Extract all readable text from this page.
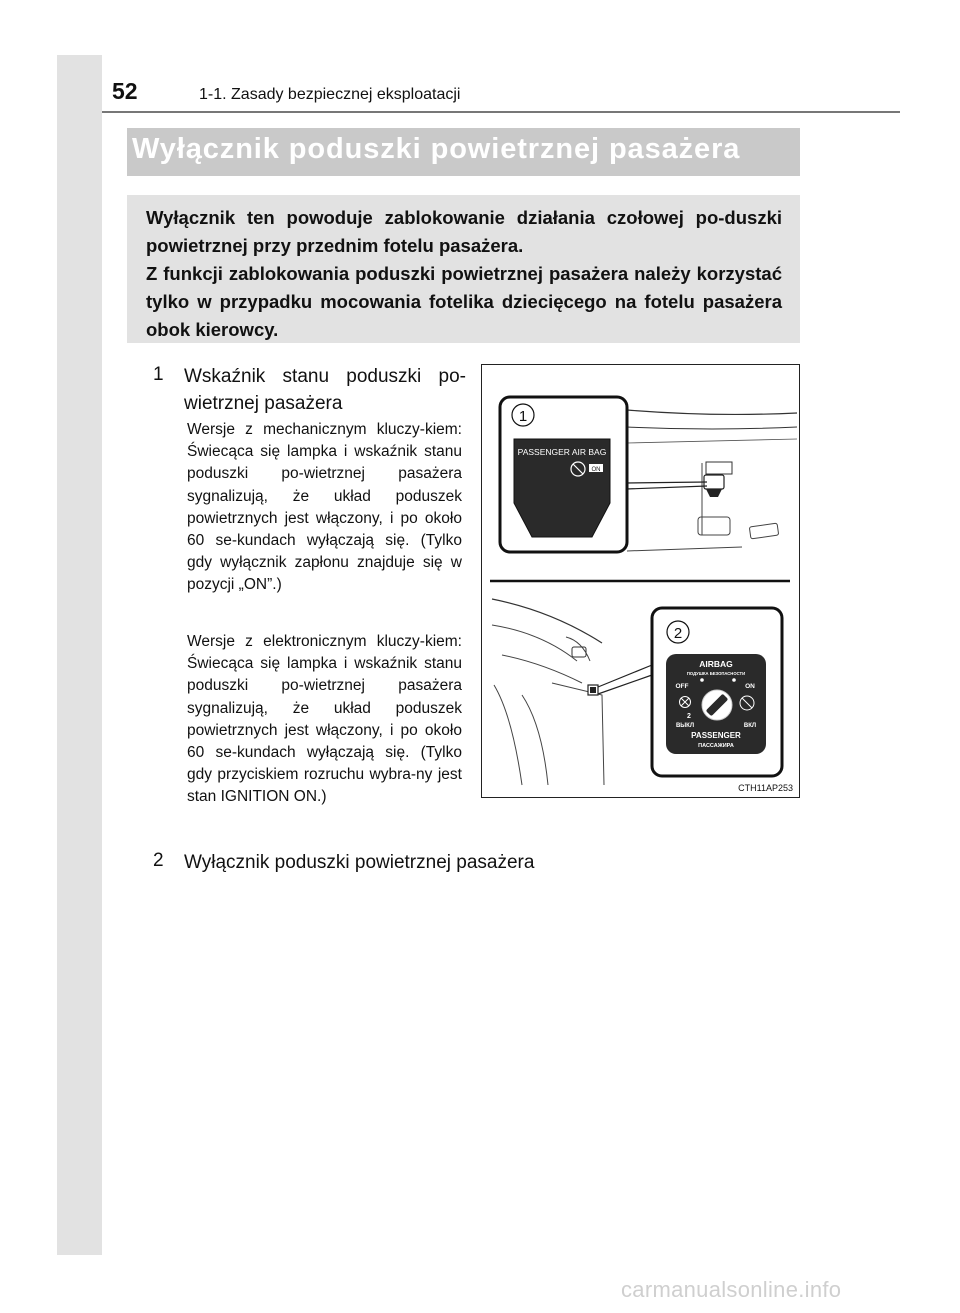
52	1-1. Zasady bezpiecznej eksploatacji
Wyłącznik poduszki powietrznej pasażera

Wyłącznik ten powoduje zablokowanie działania czołowej po-duszki powietrznej przy przednim fotelu pasażera.

Z funkcji zablokowania poduszki powietrznej pasażera należy korzystać tylko w przypadku mocowania fotelika dziecięcego na fotelu pasażera obok kierowcy.

1 Wskaźnik stanu poduszki po-wietrznej pasażera

Wersje z mechanicznym kluczy-kiem: Świecąca się lampka i wskaźnik stanu poduszki po-wietrznej pasażera sygnalizują, że układ poduszek powietrznych jest włączony, i po około 60 se-kundach wyłączają się. (Tylko gdy wyłącznik zapłonu znajduje się w pozycji „ON”.)

Wersje z elektronicznym kluczy-kiem: Świecąca się lampka i wskaźnik stanu poduszki po-wietrznej pasażera sygnalizują, że układ poduszek powietrznych jest włączony, i po około 60 se-kundach wyłączają się. (Tylko gdy przyciskiem rozruchu wybra-ny jest stan IGNITION ON.)

2 Wyłącznik poduszki powietrznej pasażera

1
PASSENGER AIR BAG
ON
2
AIRBAG
ПОДУШКА БЕЗОПАСНОСТИ
OFF	ON
2
ВЫКЛ	ВКЛ
PASSENGER
ПАССАЖИРА
CTH11AP253
carmanualsonline.info
